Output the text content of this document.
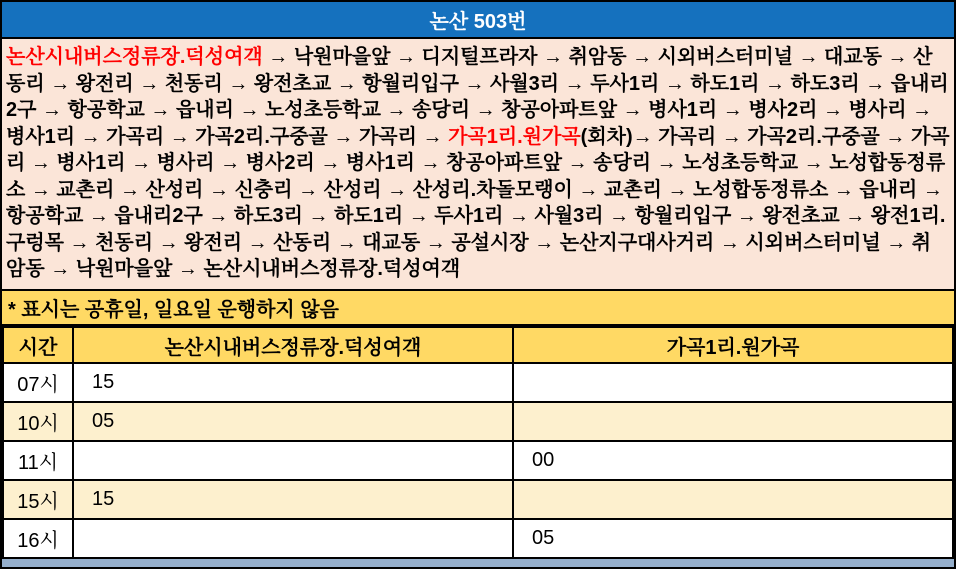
논산 503번
논산시내버스정류장.덕성여객 → 낙원마을앞 → 디지털프라자 → 취암동 → 시외버스터미널 → 대교동 → 산동리 → 왕전리 → 천동리 → 왕전초교 → 항월리입구 → 사월3리 → 두사1리 → 하도1리 → 하도3리 → 읍내리2구 → 항공학교 → 읍내리 → 노성초등학교 → 송당리 → 창공아파트앞 → 병사1리 → 병사2리 → 병사리 → 병사1리 → 가곡리 → 가곡2리.구중골 → 가곡리 → 가곡1리.원가곡(회차)→ 가곡리 → 가곡2리.구중골 → 가곡리 → 병사1리 → 병사리 → 병사2리 → 병사1리 → 창공아파트앞 → 송당리 → 노성초등학교 → 노성합동정류소 → 교촌리 → 산성리 → 신충리 → 산성리 → 산성리.차돌모랭이 → 교촌리 → 노성합동정류소 → 읍내리 → 항공학교 → 읍내리2구 → 하도3리 → 하도1리 → 두사1리 → 사월3리 → 항월리입구 → 왕전초교 → 왕전1리.구렁목 → 천동리 → 왕전리 → 산동리 → 대교동 → 공설시장 → 논산지구대사거리 → 시외버스터미널 → 취암동 → 낙원마을앞 → 논산시내버스정류장.덕성여객
* 표시는 공휴일, 일요일 운행하지 않음
시간	논산시내버스정류장.덕성여객	가곡1리.원가곡
07시	15	
10시	05	
11시		00
15시	15	
16시		05
